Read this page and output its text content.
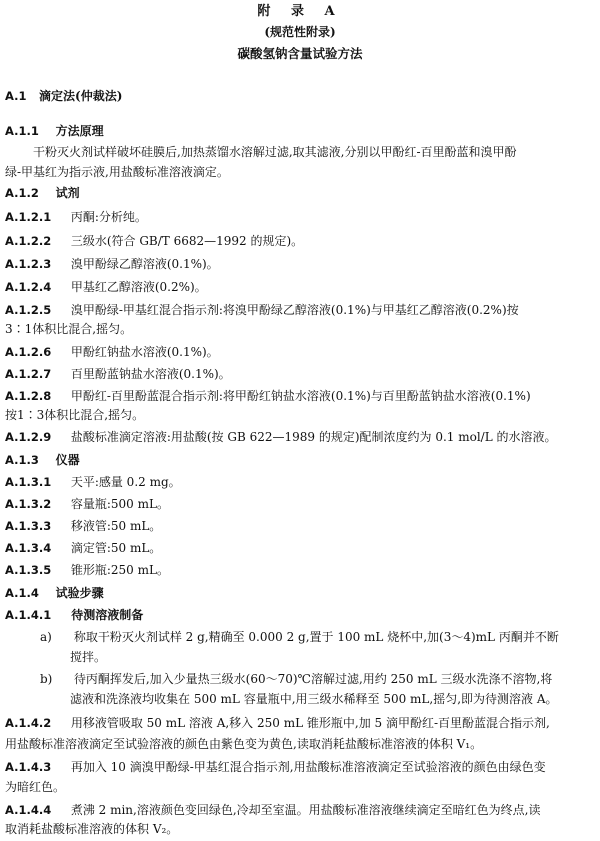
附 录 A
(规范性附录)
碳酸氢钠含量试验方法
A.1 滴定法(仲裁法)
A.1.1 方法原理
干粉灭火剂试样破坏硅膜后,加热蒸馏水溶解过滤,取其滤液,分别以甲酚红-百里酚蓝和溴甲酚
绿-甲基红为指示液,用盐酸标准溶液滴定。
A.1.2 试剂
A.1.2.1 丙酮:分析纯。
A.1.2.2 三级水(符合 GB/T 6682—1992 的规定)。
A.1.2.3 溴甲酚绿乙醇溶液(0.1%)。
A.1.2.4 甲基红乙醇溶液(0.2%)。
A.1.2.5 溴甲酚绿-甲基红混合指示剂:将溴甲酚绿乙醇溶液(0.1%)与甲基红乙醇溶液(0.2%)按
3∶1体积比混合,摇匀。
A.1.2.6 甲酚红钠盐水溶液(0.1%)。
A.1.2.7 百里酚蓝钠盐水溶液(0.1%)。
A.1.2.8 甲酚红-百里酚蓝混合指示剂:将甲酚红钠盐水溶液(0.1%)与百里酚蓝钠盐水溶液(0.1%)
按1∶3体积比混合,摇匀。
A.1.2.9 盐酸标准滴定溶液:用盐酸(按 GB 622—1989 的规定)配制浓度约为 0.1 mol/L 的水溶液。
A.1.3 仪器
A.1.3.1 天平:感量 0.2 mg。
A.1.3.2 容量瓶:500 mL。
A.1.3.3 移液管:50 mL。
A.1.3.4 滴定管:50 mL。
A.1.3.5 锥形瓶:250 mL。
A.1.4 试验步骤
A.1.4.1 待测溶液制备
a) 称取干粉灭火剂试样 2 g,精确至 0.000 2 g,置于 100 mL 烧杯中,加(3～4)mL 丙酮并不断
搅拌。
b) 待丙酮挥发后,加入少量热三级水(60～70)℃溶解过滤,用约 250 mL 三级水洗涤不溶物,将
滤液和洗涤液均收集在 500 mL 容量瓶中,用三级水稀释至 500 mL,摇匀,即为待测溶液 A。
A.1.4.2 用移液管吸取 50 mL 溶液 A,移入 250 mL 锥形瓶中,加 5 滴甲酚红-百里酚蓝混合指示剂,
用盐酸标准溶液滴定至试验溶液的颜色由紫色变为黄色,读取消耗盐酸标准溶液的体积 V₁。
A.1.4.3 再加入 10 滴溴甲酚绿-甲基红混合指示剂,用盐酸标准溶液滴定至试验溶液的颜色由绿色变
为暗红色。
A.1.4.4 煮沸 2 min,溶液颜色变回绿色,冷却至室温。用盐酸标准溶液继续滴定至暗红色为终点,读
取消耗盐酸标准溶液的体积 V₂。
